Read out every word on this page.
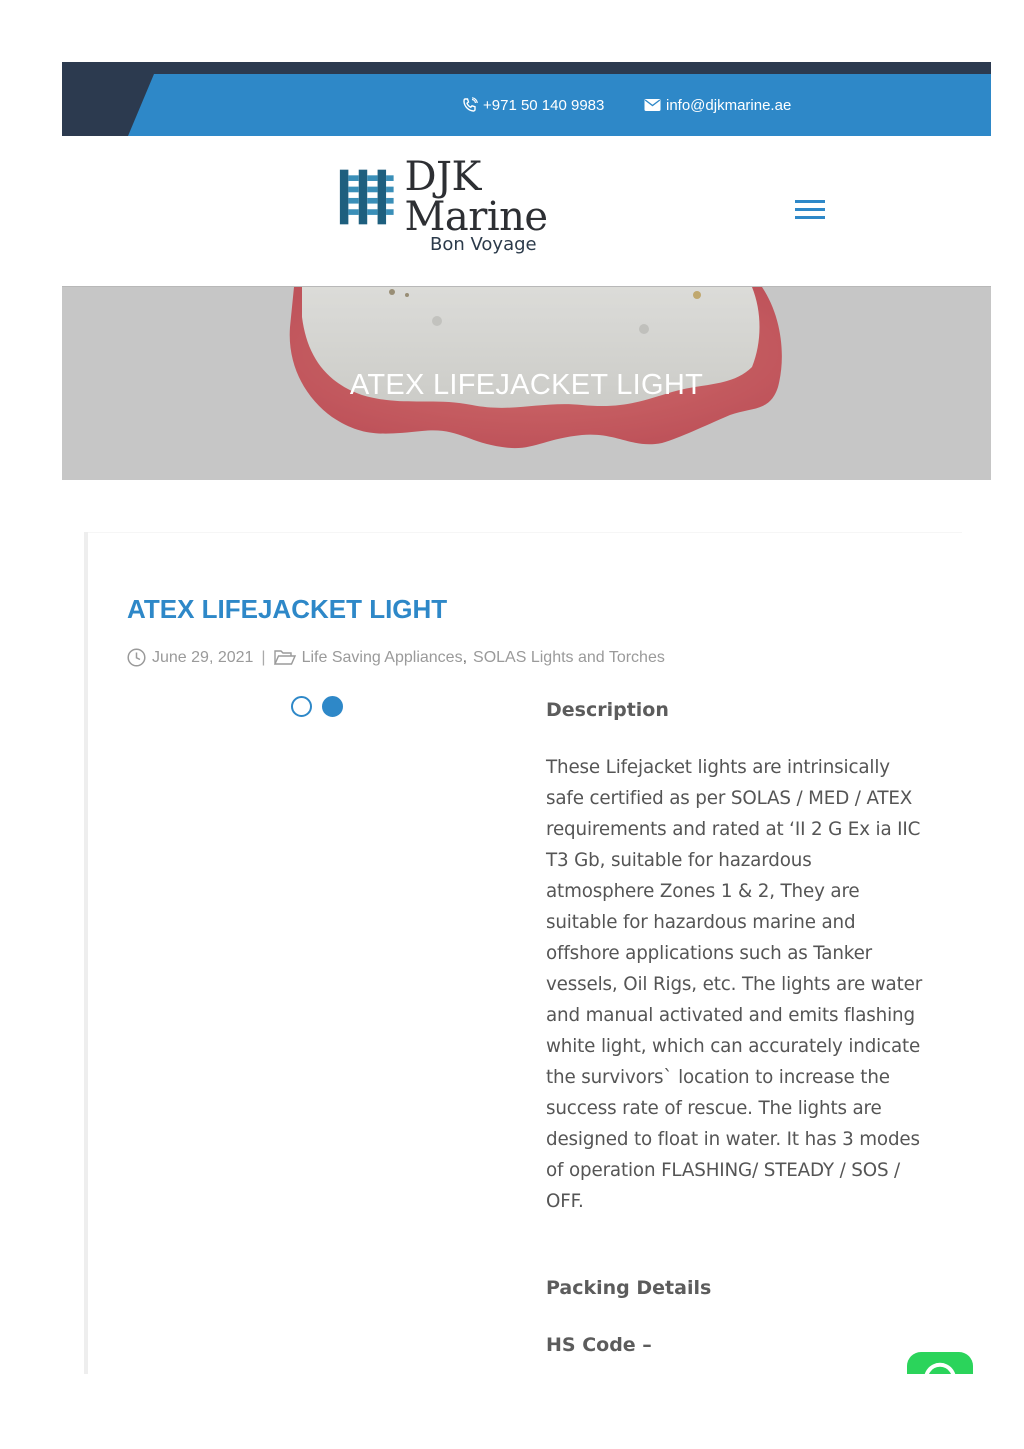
+971 50 140 9983	info@djkmarine.ae
DJK Marine
Bon Voyage
ATEX LIFEJACKET LIGHT
ATEX LIFEJACKET LIGHT
June 29, 2021 | Life Saving Appliances , SOLAS Lights and Torches
Description

These Lifejacket lights are intrinsically safe certified as per SOLAS / MED / ATEX requirements and rated at ‘II 2 G Ex ia IIC T3 Gb, suitable for hazardous atmosphere Zones 1 & 2, They are suitable for hazardous marine and offshore applications such as Tanker vessels, Oil Rigs, etc. The lights are water and manual activated and emits flashing white light, which can accurately indicate the survivors` location to increase the success rate of rescue. The lights are designed to float in water. It has 3 modes of operation FLASHING/ STEADY / SOS / OFF.

Packing Details
HS Code –
